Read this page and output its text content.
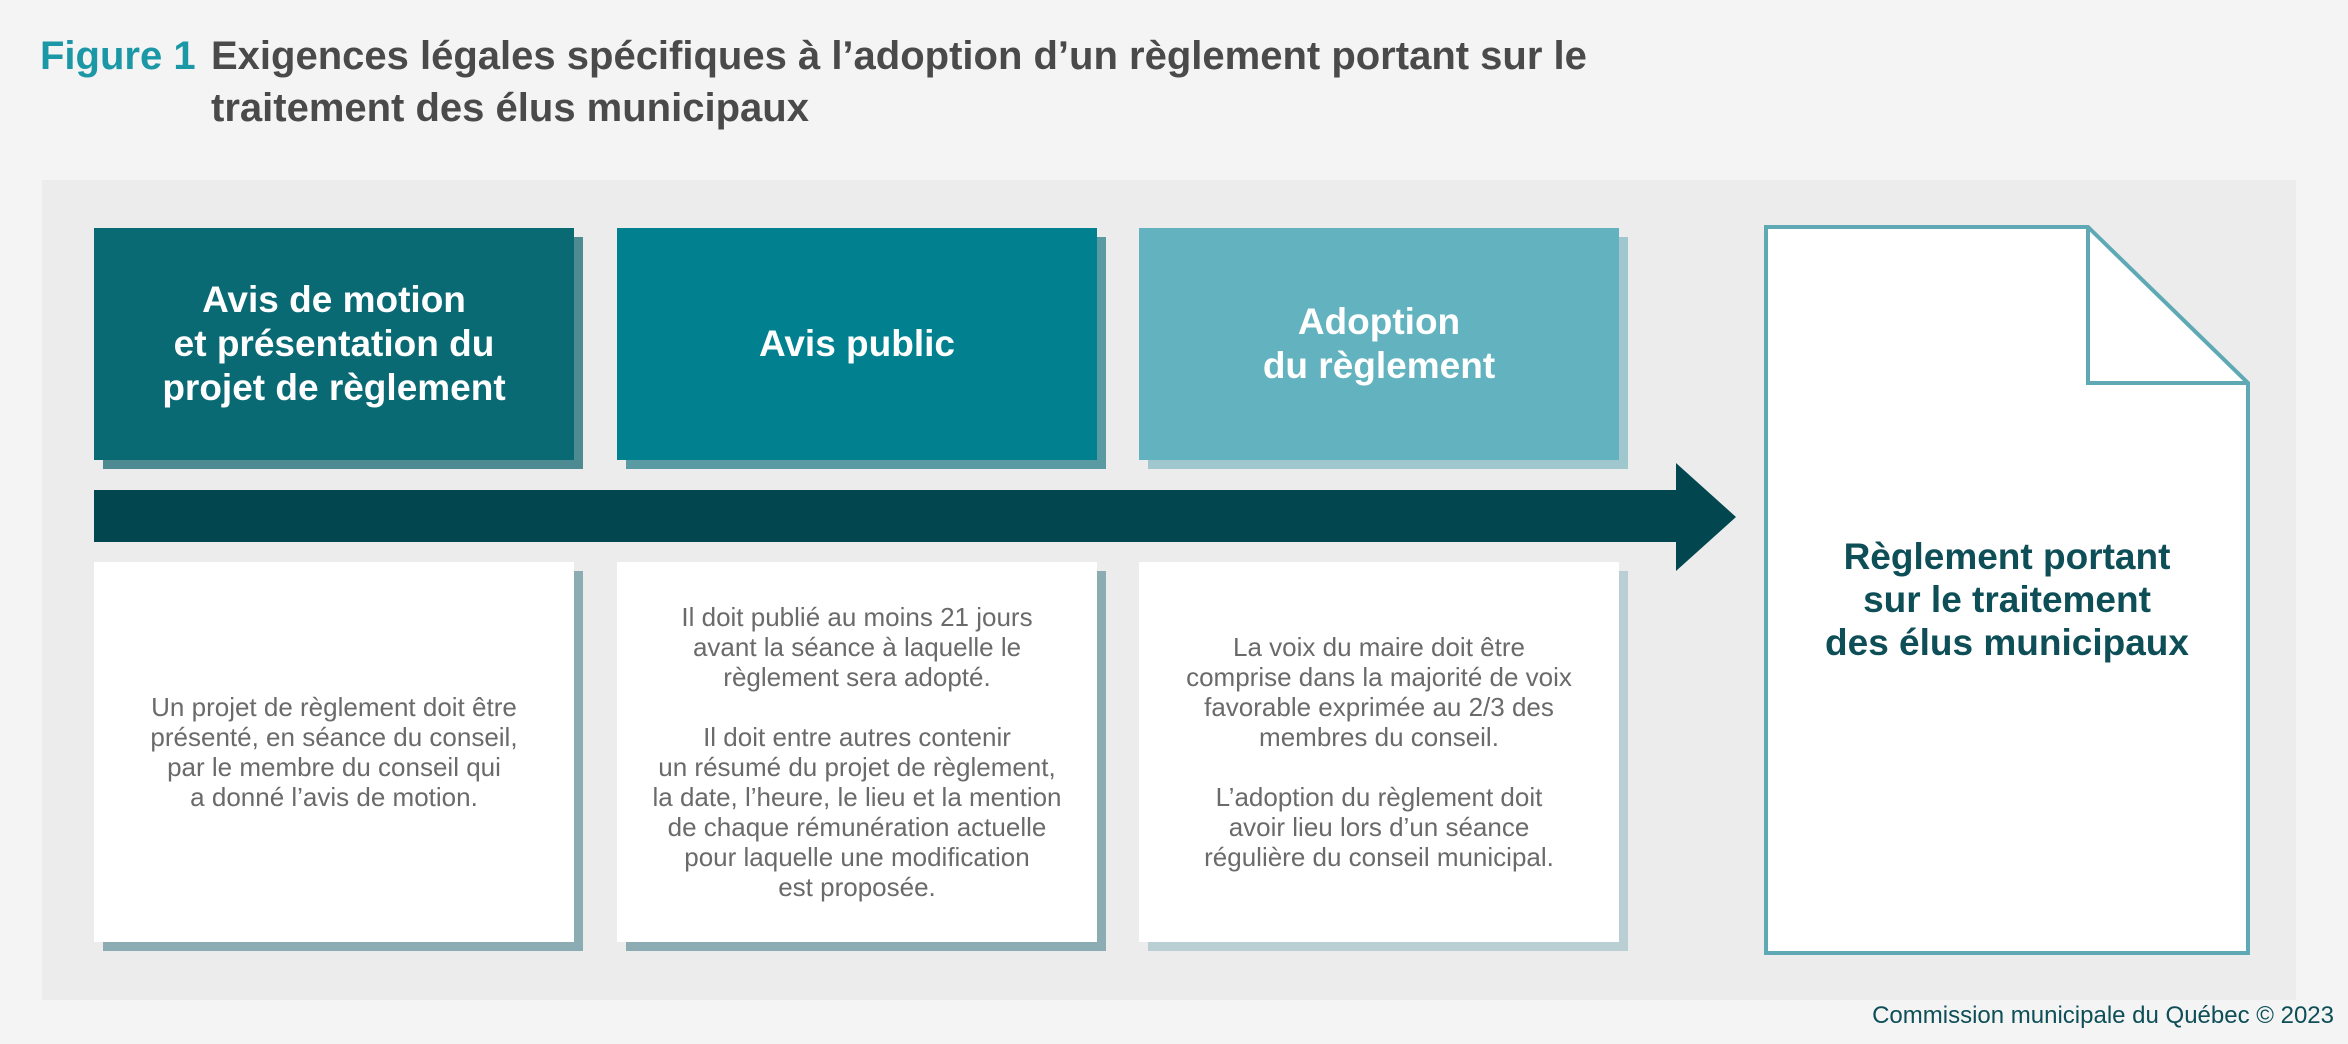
Figure 1 Exigences légales spécifiques à l’adoption d’un règlement portant sur le traitement des élus municipaux
Avis de motion
et présentation du
projet de règlement
Avis public
Adoption
du règlement
Un projet de règlement doit être
présenté, en séance du conseil,
par le membre du conseil qui
a donné l’avis de motion.
Il doit publié au moins 21 jours
avant la séance à laquelle le
règlement sera adopté.

Il doit entre autres contenir
un résumé du projet de règlement,
la date, l’heure, le lieu et la mention
de chaque rémunération actuelle
pour laquelle une modification
est proposée.
La voix du maire doit être
comprise dans la majorité de voix
favorable exprimée au 2/3 des
membres du conseil.

L’adoption du règlement doit
avoir lieu lors d’un séance
régulière du conseil municipal.
Règlement portant
sur le traitement
des élus municipaux
Commission municipale du Québec © 2023
